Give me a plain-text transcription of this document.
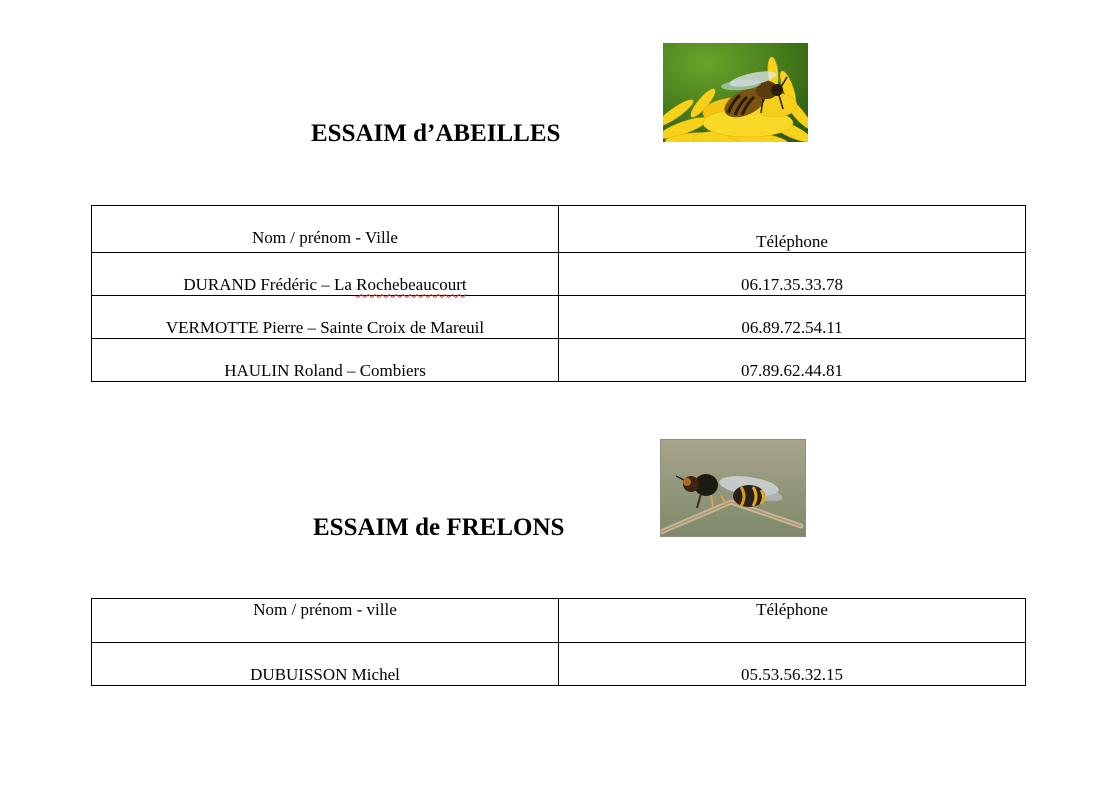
ESSAIM d’ABEILLES
Nom / prénom - Ville	Téléphone
DURAND Frédéric – La Rochebeaucourt	06.17.35.33.78
VERMOTTE Pierre – Sainte Croix de Mareuil	06.89.72.54.11
HAULIN Roland – Combiers	07.89.62.44.81
ESSAIM de FRELONS
Nom / prénom - ville	Téléphone
DUBUISSON Michel	05.53.56.32.15
